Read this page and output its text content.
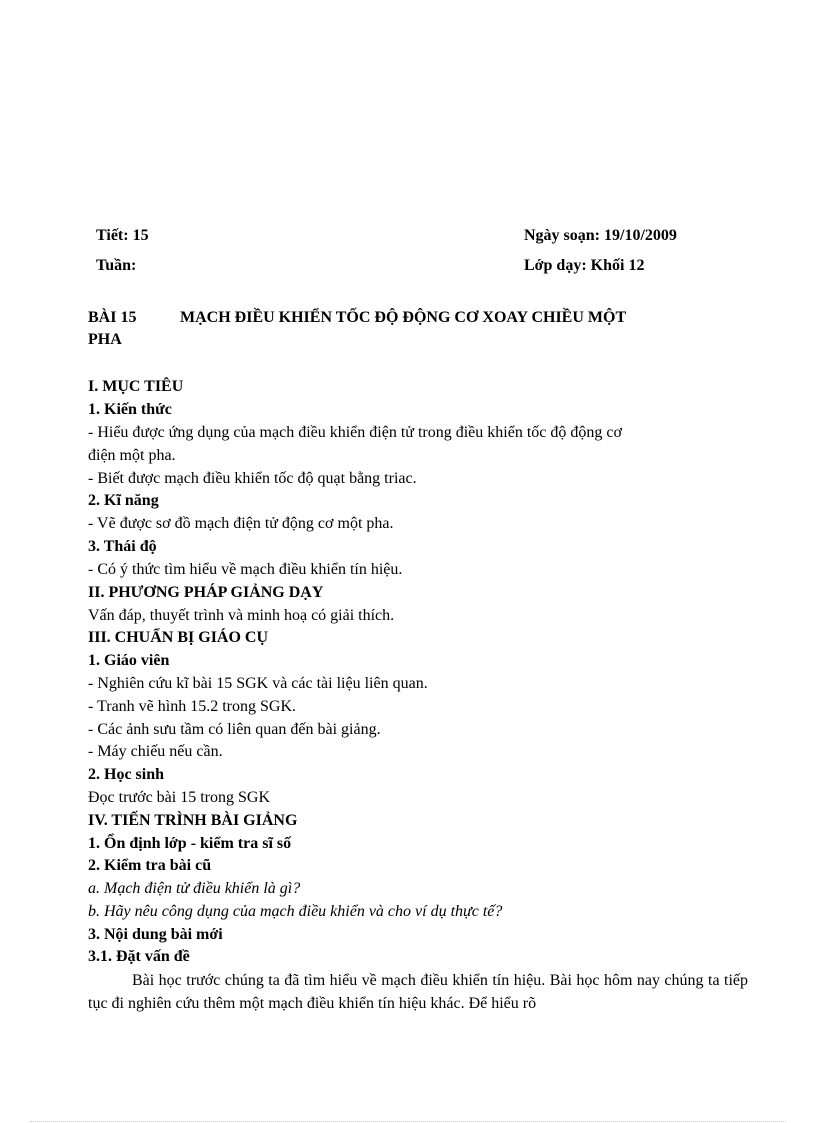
Tiết: 15
Tuần:
Ngày soạn: 19/10/2009
Lớp dạy: Khối 12
BÀI 15	MẠCH ĐIỀU KHIỂN TỐC ĐỘ ĐỘNG CƠ XOAY CHIỀU MỘT
PHA
I. MỤC TIÊU
1. Kiến thức
- Hiểu được ứng dụng của mạch điều khiển điện tử trong điều khiển tốc độ động cơ
điện một pha.
- Biết được mạch điều khiển tốc độ quạt bằng triac.
2. Kĩ năng
- Vẽ được sơ đồ mạch điện tử động cơ một pha.
3. Thái độ
- Có ý thức tìm hiểu về mạch điều khiển tín hiệu.
II. PHƯƠNG PHÁP GIẢNG DẠY
Vấn đáp, thuyết trình và minh hoạ có giải thích.
III. CHUẨN BỊ GIÁO CỤ
1. Giáo viên
- Nghiên cứu kĩ bài 15 SGK và các tài liệu liên quan.
- Tranh vẽ hình 15.2 trong SGK.
- Các ảnh sưu tầm có liên quan đến bài giảng.
- Máy chiếu nếu cần.
2. Học sinh
Đọc trước bài 15 trong SGK
IV. TIẾN TRÌNH BÀI GIẢNG
1. Ổn định lớp - kiểm tra sĩ số
2. Kiểm tra bài cũ
a. Mạch điện tử điều khiển là gì?
b. Hãy nêu công dụng của mạch điều khiển và cho ví dụ thực tế?
3. Nội dung bài mới
3.1. Đặt vấn đề
Bài học trước chúng ta đã tìm hiểu về mạch điều khiển tín hiệu. Bài học hôm nay chúng ta tiếp tục đi nghiên cứu thêm một mạch điều khiển tín hiệu khác. Để hiểu rõ
